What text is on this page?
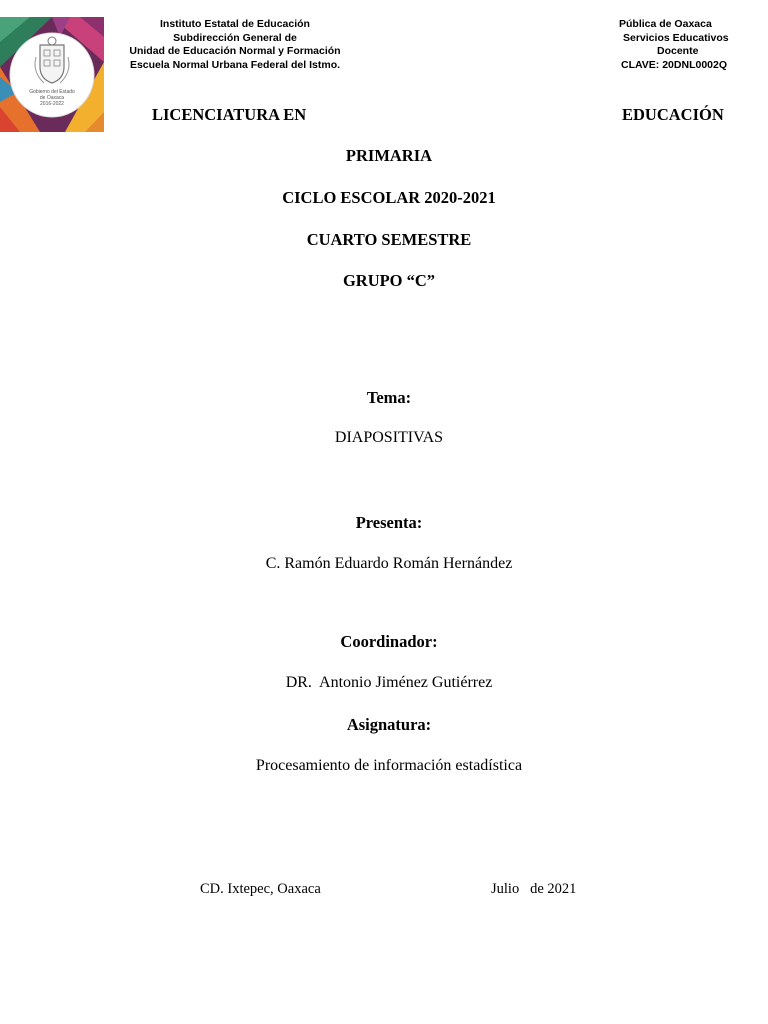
Gobierno del Estado
de Oaxaca
2016-2022
Instituto Estatal de Educación
Subdirección General de
Unidad de Educación Normal y Formación
Escuela Normal Urbana Federal del Istmo.
Pública de Oaxaca
Servicios Educativos
Docente
CLAVE: 20DNL0002Q
LICENCIATURA EN	EDUCACIÓN
PRIMARIA
CICLO ESCOLAR 2020-2021
CUARTO SEMESTRE
GRUPO “C”
Tema:
DIAPOSITIVAS
Presenta:
C. Ramón Eduardo Román Hernández
Coordinador:
DR.  Antonio Jiménez Gutiérrez
Asignatura:
Procesamiento de información estadística
CD. Ixtepec, Oaxaca	Julio   de 2021
